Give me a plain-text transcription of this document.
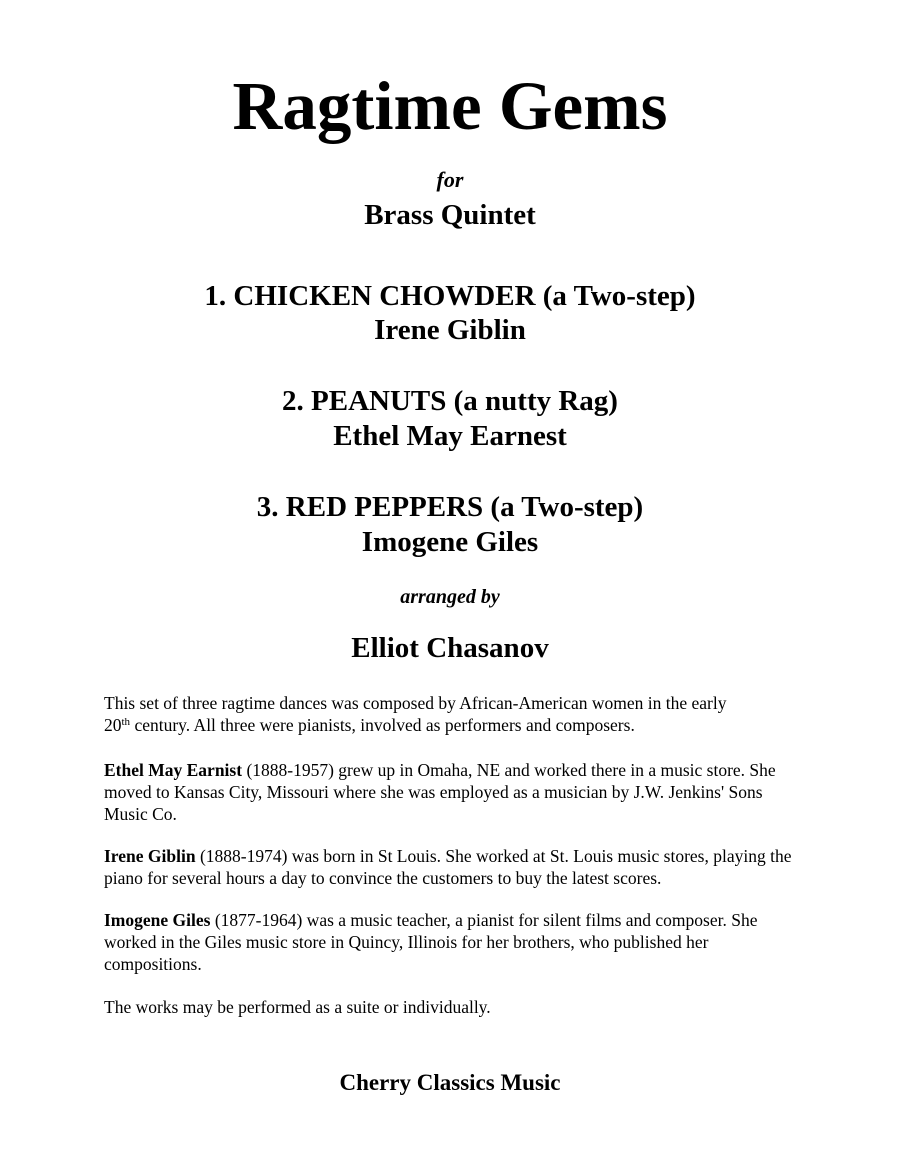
Ragtime Gems
for
Brass Quintet
1. CHICKEN CHOWDER (a Two-step)
Irene Giblin
2. PEANUTS (a nutty Rag)
Ethel May Earnest
3. RED PEPPERS (a Two-step)
Imogene Giles
arranged by
Elliot Chasanov
This set of three ragtime dances was composed by African-American women in the early
20th century. All three were pianists, involved as performers and composers.

Ethel May Earnist (1888-1957) grew up in Omaha, NE and worked there in a music store. She moved to Kansas City, Missouri where she was employed as a musician by J.W. Jenkins' Sons Music Co.

Irene Giblin (1888-1974) was born in St Louis. She worked at St. Louis music stores, playing the piano for several hours a day to convince the customers to buy the latest scores.

Imogene Giles (1877-1964) was a music teacher, a pianist for silent films and composer. She worked in the Giles music store in Quincy, Illinois for her brothers, who published her compositions.

The works may be performed as a suite or individually.

Cherry Classics Music
